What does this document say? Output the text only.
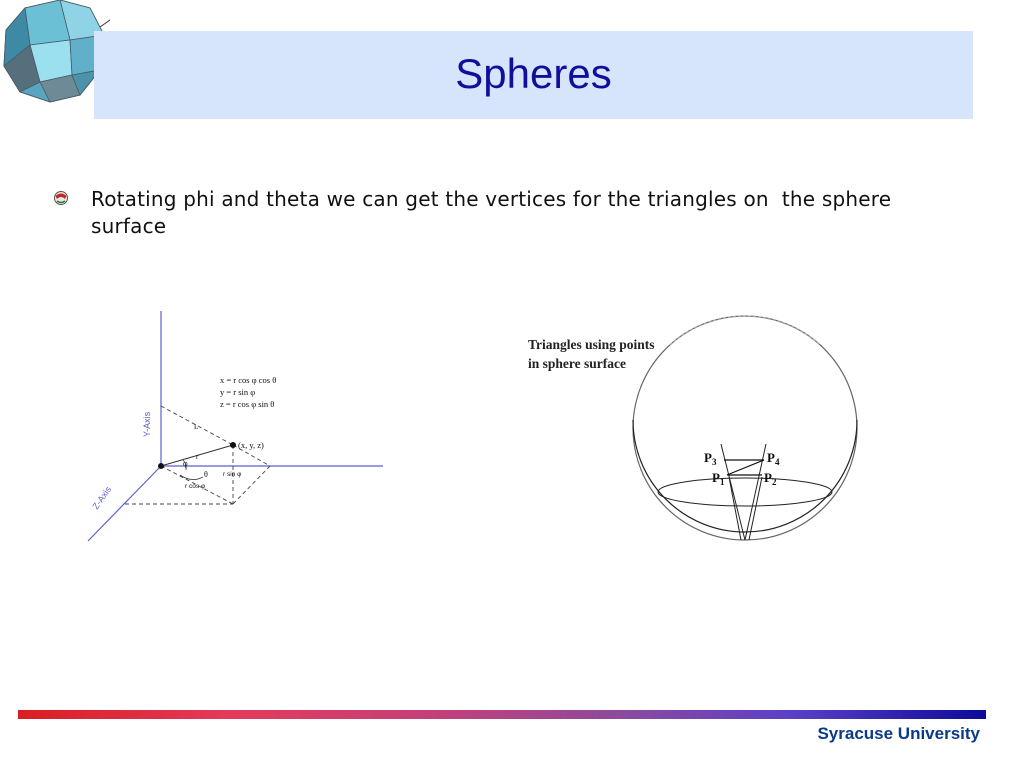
Spheres
Rotating phi and theta we can get the vertices for the triangles on  the sphere surface
Y-Axis
Z-Axis
x = r cos φ cos θ
y = r sin φ
z = r cos φ sin θ
(x, y, z)
L
r
φ
θ r sin φ
r cos φ
Triangles using points
in sphere surface
$P_3$	$P_4$
$P_1$	$P_2$
Syracuse University
